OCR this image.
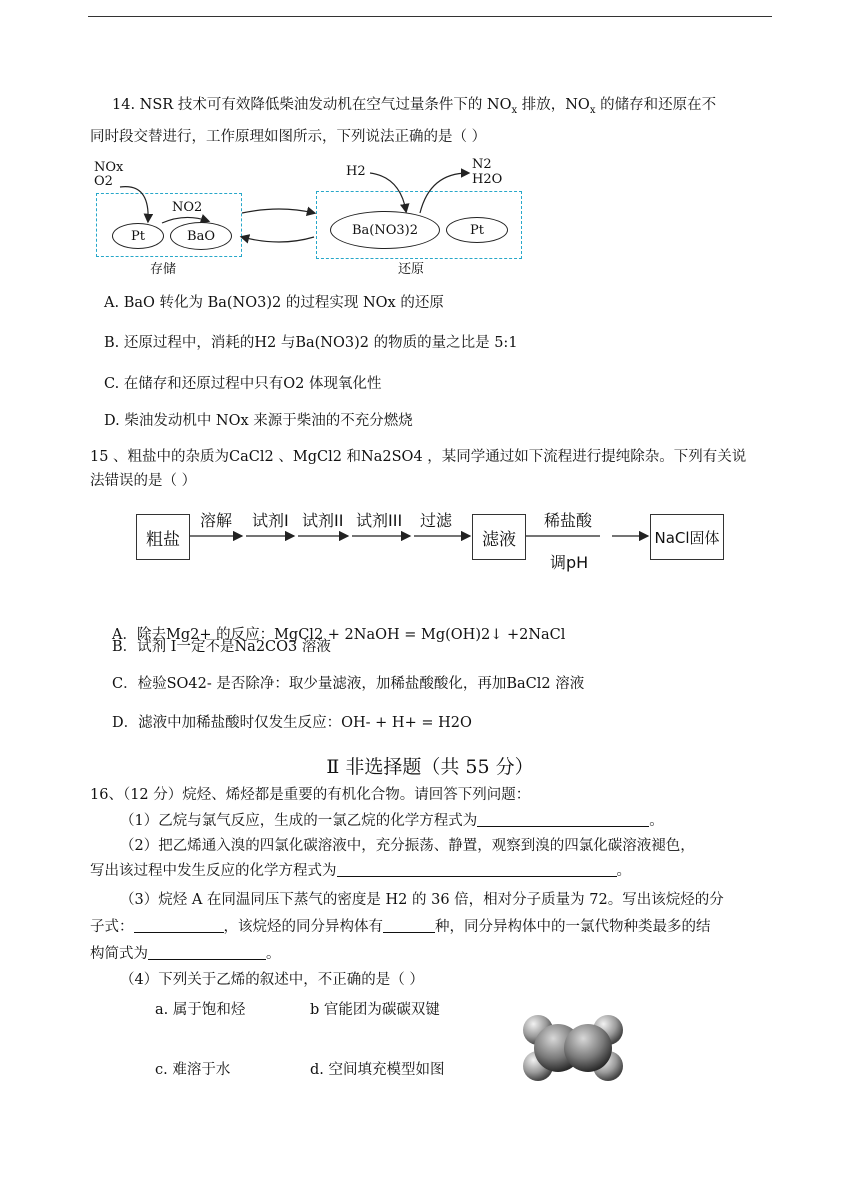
14. NSR 技术可有效降低柴油发动机在空气过量条件下的 $NO_x$ 排放，$NO_x$ 的储存和还原在不
同时段交替进行，工作原理如图所示，下列说法正确的是（ ）
NOx
O2
NO2
Pt	BaO
H2	N2
H2O
Ba(NO3)2	Pt
存储	还原
A. BaO 转化为 Ba(NO3)2 的过程实现 NOx 的还原
B. 还原过程中，消耗的H2 与Ba(NO3)2 的物质的量之比是 5:1
C. 在储存和还原过程中只有O2 体现氧化性
D. 柴油发动机中 NOx 来源于柴油的不充分燃烧
15 、粗盐中的杂质为CaCl2 、MgCl2 和Na2SO4 ，某同学通过如下流程进行提纯除杂。下列有关说
法错误的是（ ）
粗盐
溶解 试剂I 试剂II 试剂III 过滤
滤液
稀盐酸
调pH
NaCl固体
A．除去Mg2+ 的反应：MgCl2 + 2NaOH = Mg(OH)2↓ +2NaCl
B．试剂 Ⅰ一定不是Na2CO3 溶液
C．检验SO42- 是否除净：取少量滤液，加稀盐酸酸化，再加BaCl2 溶液
D．滤液中加稀盐酸时仅发生反应：OH- + H+ = H2O
Ⅱ 非选择题（共 55 分）
16、（12 分）烷烃、烯烃都是重要的有机化合物。请回答下列问题：
（1）乙烷与氯气反应，生成的一氯乙烷的化学方程式为	。
（2）把乙烯通入溴的四氯化碳溶液中，充分振荡、静置，观察到溴的四氯化碳溶液褪色，
写出该过程中发生反应的化学方程式为	。
（3）烷烃 A 在同温同压下蒸气的密度是 H2 的 36 倍，相对分子质量为 72。写出该烷烃的分
子式：	，该烷烃的同分异构体有	种，同分异构体中的一氯代物种类最多的结
构简式为	。
（4）下列关于乙烯的叙述中，不正确的是（ ）
a. 属于饱和烃	b 官能团为碳碳双键
c. 难溶于水	d. 空间填充模型如图
